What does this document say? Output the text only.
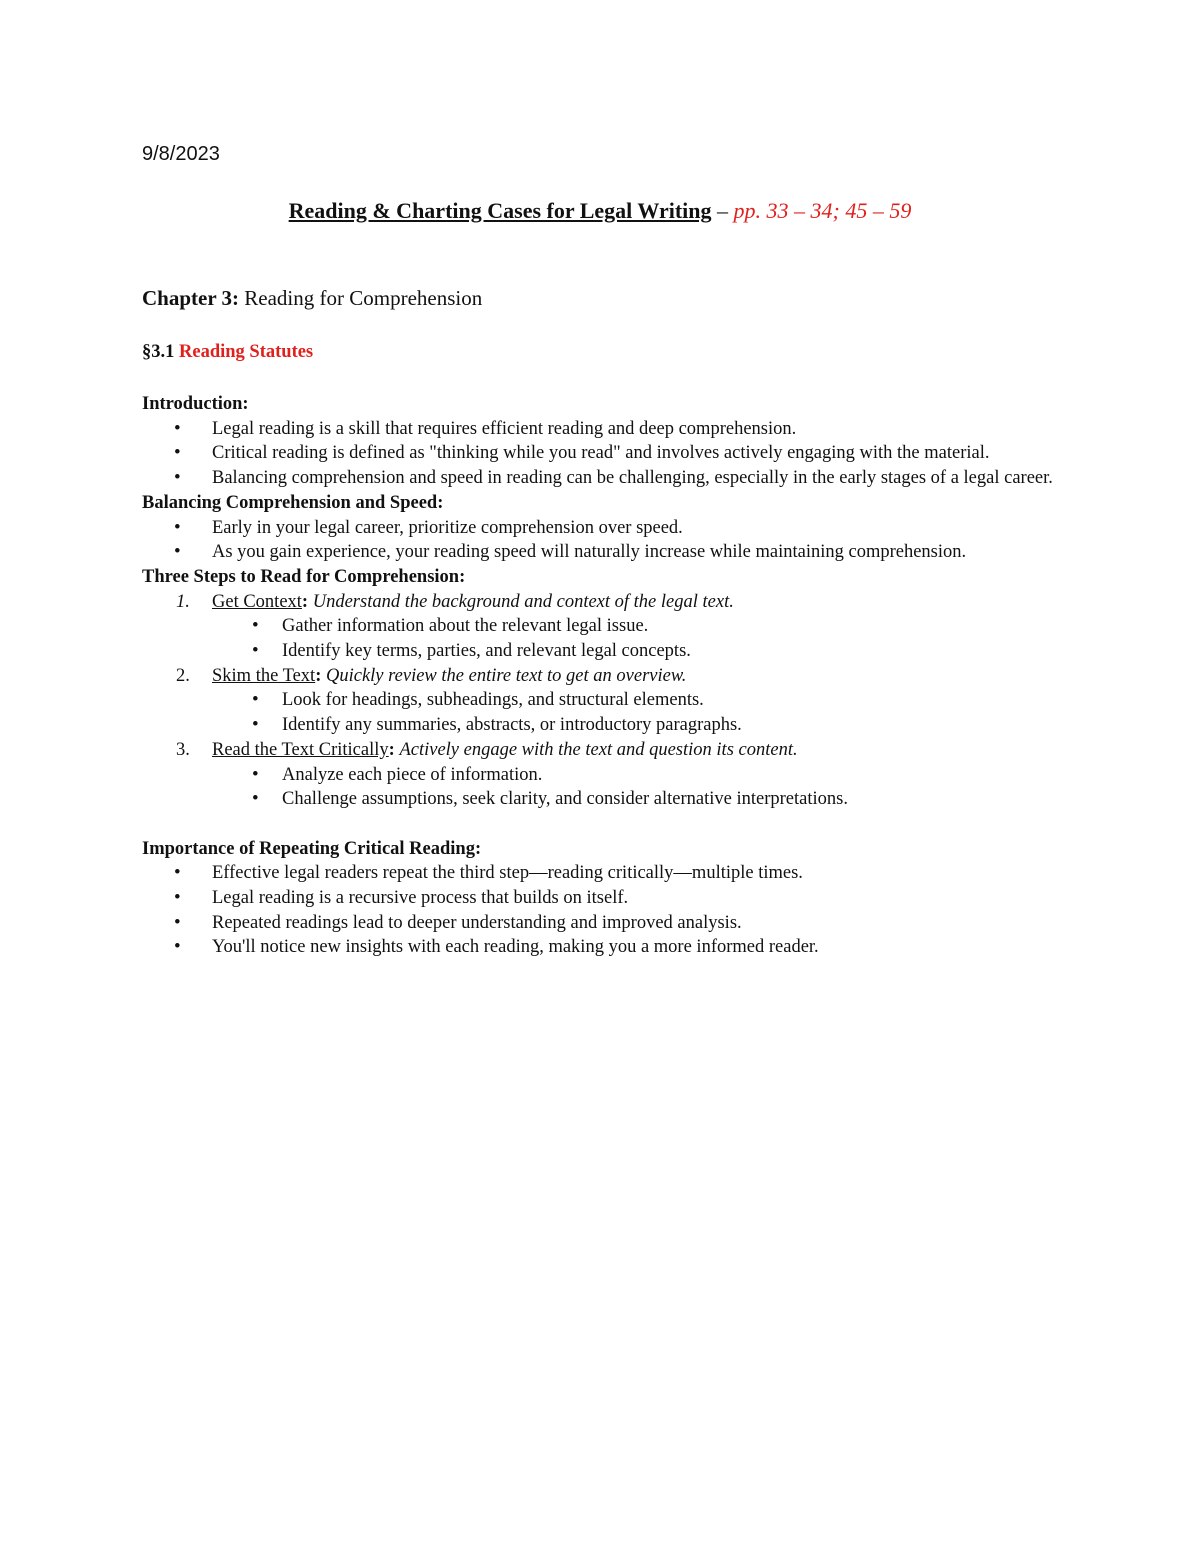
9/8/2023
Reading & Charting Cases for Legal Writing – pp. 33 – 34; 45 – 59
Chapter 3: Reading for Comprehension
§3.1 Reading Statutes
Introduction:
• Legal reading is a skill that requires efficient reading and deep comprehension.
• Critical reading is defined as "thinking while you read" and involves actively engaging with the material.
• Balancing comprehension and speed in reading can be challenging, especially in the early stages of a legal career.
Balancing Comprehension and Speed:
• Early in your legal career, prioritize comprehension over speed.
• As you gain experience, your reading speed will naturally increase while maintaining comprehension.
Three Steps to Read for Comprehension:
1. Get Context: Understand the background and context of the legal text.
• Gather information about the relevant legal issue.
• Identify key terms, parties, and relevant legal concepts.
2. Skim the Text: Quickly review the entire text to get an overview.
• Look for headings, subheadings, and structural elements.
• Identify any summaries, abstracts, or introductory paragraphs.
3. Read the Text Critically: Actively engage with the text and question its content.
• Analyze each piece of information.
• Challenge assumptions, seek clarity, and consider alternative interpretations.
Importance of Repeating Critical Reading:
• Effective legal readers repeat the third step—reading critically—multiple times.
• Legal reading is a recursive process that builds on itself.
• Repeated readings lead to deeper understanding and improved analysis.
• You'll notice new insights with each reading, making you a more informed reader.
